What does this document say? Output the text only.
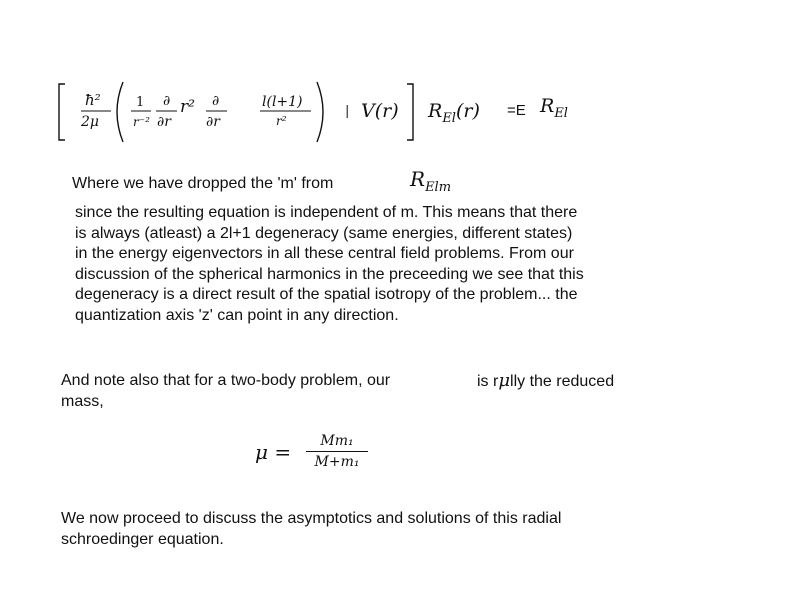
ħ²
2μ
1
r⁻²
∂
∂r
r² ∂
∂r
l(l+1)
r²
| V(r) $R_{El}(r) =E$ $R_{El}$
Where we have dropped the 'm' from	$R_{Elm}$
since the resulting equation is independent of m. This means that there
is always (atleast) a 2l+1 degeneracy (same energies, different states)
in the energy eigenvectors in all these central field problems. From our
discussion of the spherical harmonics in the preceeding we see that this
degeneracy is a direct result of the spatial isotropy of the problem... the
quantization axis 'z' can point in any direction.
And note also that for a two-body problem, our
mass,
is rμlly the reduced
μ =	Mm₁
M+m₁
We now proceed to discuss the asymptotics and solutions of this radial
schroedinger equation.
